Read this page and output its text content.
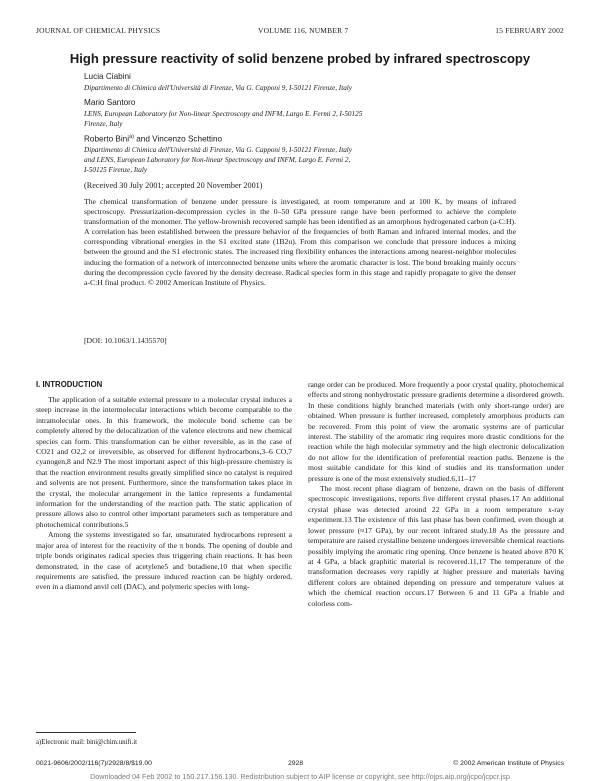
JOURNAL OF CHEMICAL PHYSICS	VOLUME 116, NUMBER 7	15 FEBRUARY 2002
High pressure reactivity of solid benzene probed by infrared spectroscopy
Lucia Ciabini
Dipartimento di Chimica dell'Università di Firenze, Via G. Capponi 9, I-50121 Firenze, Italy
Mario Santoro
LENS, European Laboratory for Non-linear Spectroscopy and INFM, Largo E. Fermi 2, I-50125
Firenze, Italy
Roberto Bini$^{a)}$ and Vincenzo Schettino
Dipartimento di Chimica dell'Università di Firenze, Via G. Capponi 9, I-50121 Firenze, Italy
and LENS, European Laboratory for Non-linear Spectroscopy and INFM, Largo E. Fermi 2,
I-50125 Firenze, Italy
(Received 30 July 2001; accepted 20 November 2001)
The chemical transformation of benzene under pressure is investigated, at room temperature and at 100 K, by means of infrared spectroscopy. Pressurization-decompression cycles in the 0–50 GPa pressure range have been performed to achieve the complete transformation of the monomer. The yellow-brownish recovered sample has been identified as an amorphous hydrogenated carbon (a-C:H). A correlation has been established between the pressure behavior of the frequencies of both Raman and infrared internal modes, and the corresponding vibrational energies in the S1 excited state (1B2u). From this comparison we conclude that pressure induces a mixing between the ground and the S1 electronic states. The increased ring flexibility enhances the interactions among nearest-neighbor molecules inducing the formation of a network of interconnected benzene units where the aromatic character is lost. The bond breaking mainly occurs during the decompression cycle favored by the density decrease. Radical species form in this stage and rapidly propagate to give the denser a-C:H final product. © 2002 American Institute of Physics.
[DOI: 10.1063/1.1435570]
I. INTRODUCTION

The application of a suitable external pressure to a molecular crystal induces a steep increase in the intermolecular interactions which become comparable to the intramolecular ones. In this framework, the molecule bond scheme can be completely altered by the delocalization of the valence electrons and new chemical species can form. This transformation can be either reversible, as in the case of CO21 and O2,2 or irreversible, as observed for different hydrocarbons,3–6 CO,7 cyanogen,8 and N2.9 The most important aspect of this high-pressure chemistry is that the reaction environment results greatly simplified since no catalyst is required and solvents are not present. Furthermore, since the transformation takes place in the crystal, the molecular arrangement in the lattice represents a fundamental information for the understanding of the reaction path. The static application of pressure allows also to control other important parameters such as temperature and photochemical contributions.5

Among the systems investigated so far, unsaturated hydrocarbons represent a major area of interest for the reactivity of the π bonds. The opening of double and triple bonds originates radical species thus triggering chain reactions. It has been demonstrated, in the case of acetylene5 and butadiene,10 that when specific requirements are satisfied, the pressure induced reaction can be highly ordered, even in a diamond anvil cell (DAC), and polymeric species with long-

range order can be produced. More frequently a poor crystal quality, photochemical effects and strong nonhydrostatic pressure gradients determine a disordered growth. In these conditions highly branched materials (with only short-range order) are obtained. When pressure is further increased, completely amorphous products can be recovered. From this point of view the aromatic systems are of particular interest. The stability of the aromatic ring requires more drastic conditions for the reaction while the high molecular symmetry and the high electronic delocalization do not allow for the identification of preferential reaction paths. Benzene is the most suitable candidate for this kind of studies and its transformation under pressure is one of the most extensively studied.6,11–17

The most recent phase diagram of benzene, drawn on the basis of different spectroscopic investigations, reports five different crystal phases.17 An additional crystal phase was detected around 22 GPa in a room temperature x-ray experiment.13 The existence of this last phase has been confirmed, even though at lower pressure (≈17 GPa), by our recent infrared study.18 As the pressure and temperature are raised crystalline benzene undergoes irreversible chemical reactions possibly implying the aromatic ring opening. Once benzene is heated above 870 K at 4 GPa, a black graphitic material is recovered.11,17 The temperature of the transformation decreases very rapidly at higher pressure and materials having different colors are obtained depending on pressure and temperature values at which the chemical reaction occurs.17 Between 6 and 11 GPa a friable and colorless com-

a)Electronic mail: bini@chim.unifi.it
0021-9606/2002/116(7)/2928/8/$19.00	2928	© 2002 American Institute of Physics
Downloaded 04 Feb 2002 to 150.217.156.130. Redistribution subject to AIP license or copyright, see http://ojps.aip.org/jcpo/jcpcr.jsp
